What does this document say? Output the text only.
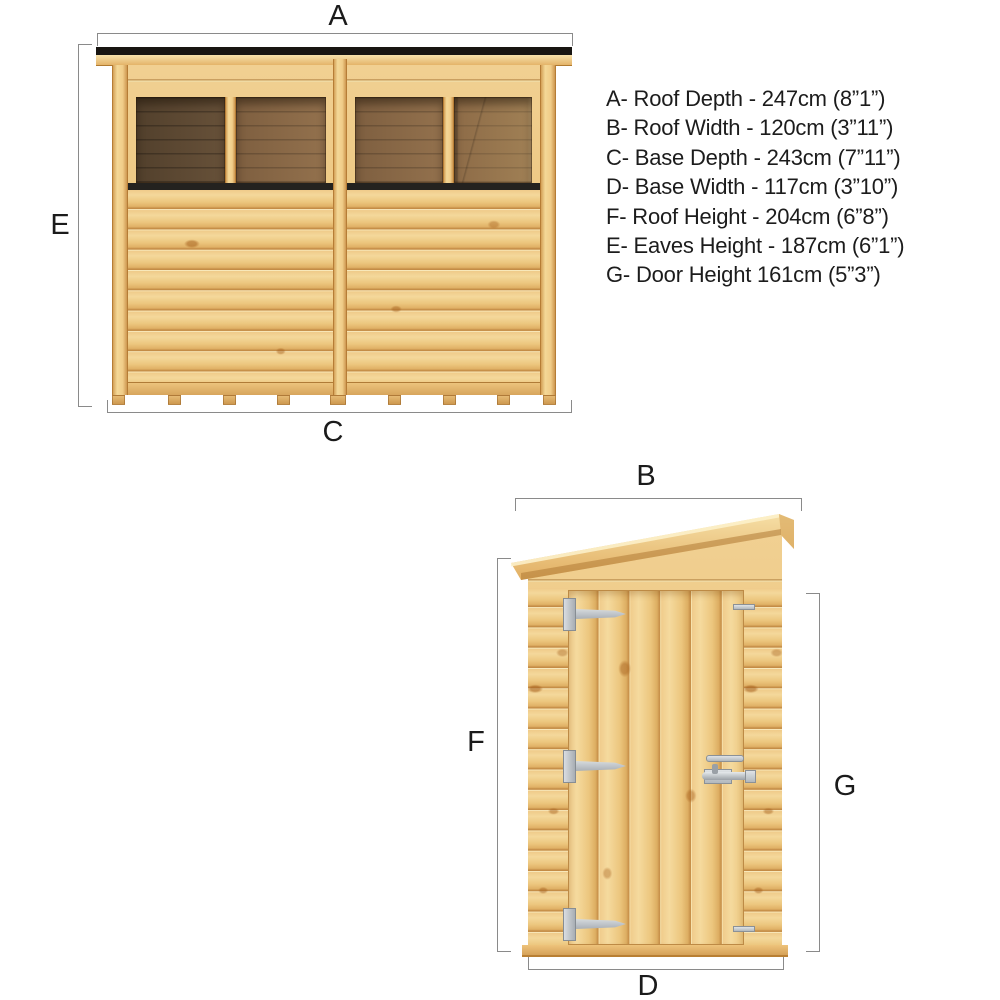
A
E
C
B
F
G
D
A- Roof Depth - 247cm (8”1”)
B- Roof Width - 120cm (3”11”)
C- Base Depth - 243cm (7”11”)
D- Base Width - 117cm (3”10”)
F- Roof Height - 204cm (6”8”)
E- Eaves Height - 187cm (6”1”)
G- Door Height 161cm (5”3”)
